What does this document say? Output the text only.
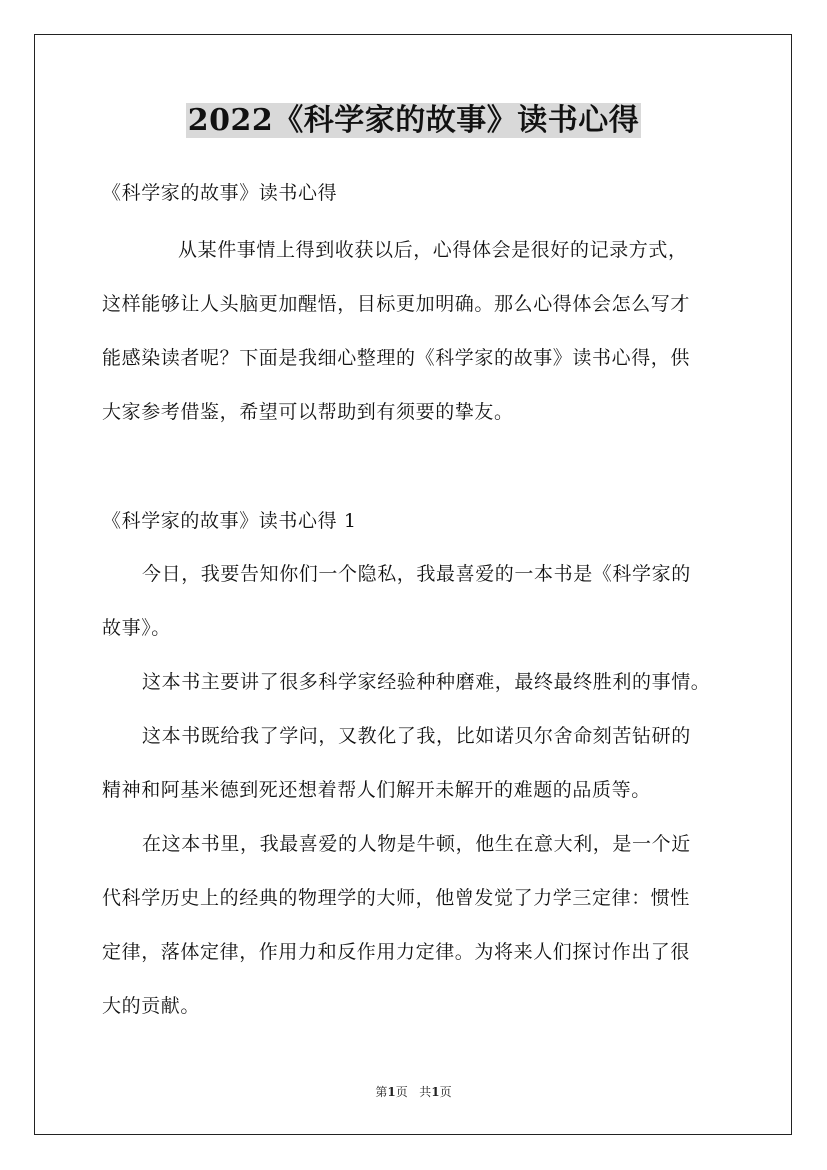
2022《科学家的故事》读书心得
《科学家的故事》读书心得
从某件事情上得到收获以后，心得体会是很好的记录方式，
这样能够让人头脑更加醒悟，目标更加明确。那么心得体会怎么写才
能感染读者呢？下面是我细心整理的《科学家的故事》读书心得，供
大家参考借鉴，希望可以帮助到有须要的挚友。
《科学家的故事》读书心得 1
今日，我要告知你们一个隐私，我最喜爱的一本书是《科学家的
故事》。
这本书主要讲了很多科学家经验种种磨难，最终最终胜利的事情。
这本书既给我了学问，又教化了我，比如诺贝尔舍命刻苦钻研的
精神和阿基米德到死还想着帮人们解开未解开的难题的品质等。
在这本书里，我最喜爱的人物是牛顿，他生在意大利，是一个近
代科学历史上的经典的物理学的大师，他曾发觉了力学三定律：惯性
定律，落体定律，作用力和反作用力定律。为将来人们探讨作出了很
大的贡献。
第1页 共1页
